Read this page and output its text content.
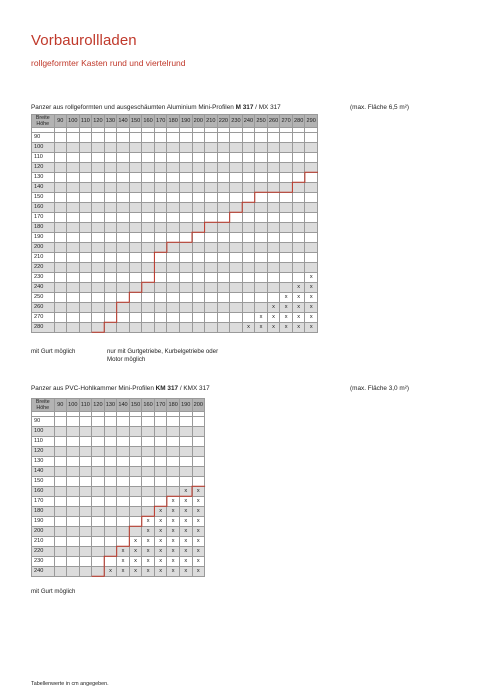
Vorbaurollladen
rollgeformter Kasten rund und viertelrund
Panzer aus rollgeformten und ausgeschäumten Aluminium Mini-Profilen M 317 / MX 317	(max. Fläche 6,5 m²)
Breite
Höhe	90	100	110	120	130	140	150	160	170	180	190	200	210	220	230	240	250	260	270	280	290

90																					
100																					
110																					
120																					
130																					
140																					
150																					
160																					
170																					
180																					
190																					
200																					
210																					
220																					
230																					x
240																				x	x
250																			x	x	x
260																		x	x	x	x
270																	x	x	x	x	x
280																x	x	x	x	x	x
mit Gurt möglich	nur mit Gurtgetriebe, Kurbelgetriebe oder
Motor möglich
Panzer aus PVC-Hohlkammer Mini-Profilen KM 317 / KMX 317	(max. Fläche 3,0 m²)
Breite
Höhe	90	100	110	120	130	140	150	160	170	180	190	200

90												
100												
110												
120												
130												
140												
150												
160											x	x
170										x	x	x
180									x	x	x	x
190								x	x	x	x	x
200								x	x	x	x	x
210							x	x	x	x	x	x
220						x	x	x	x	x	x	x
230						x	x	x	x	x	x	x
240					x	x	x	x	x	x	x	x
mit Gurt möglich
Tabellenwerte in cm angegeben.
